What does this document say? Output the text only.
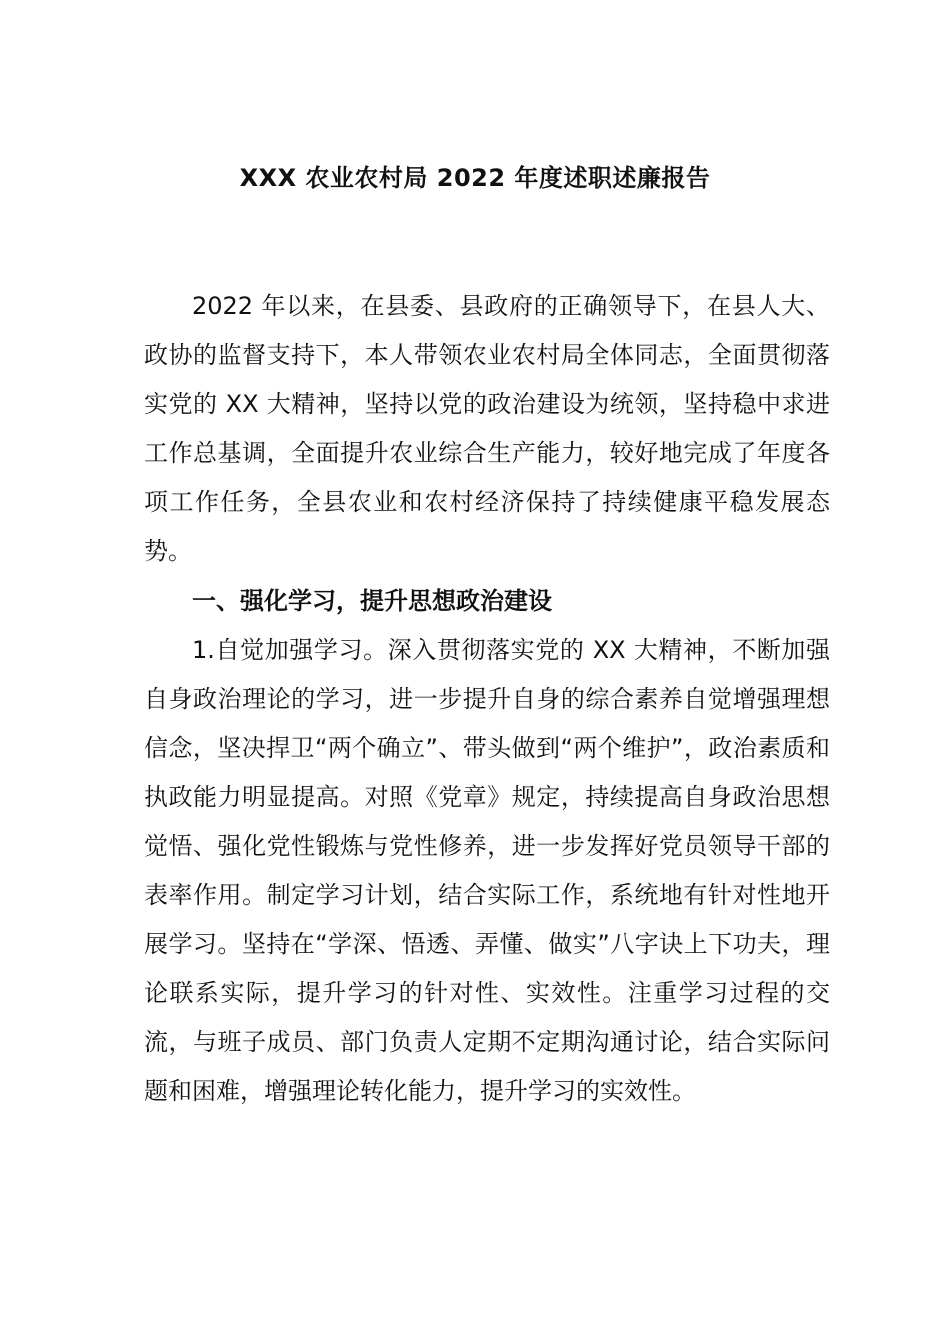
XXX 农业农村局 2022 年度述职述廉报告

2022 年以来，在县委、县政府的正确领导下，在县人大、政协的监督支持下，本人带领农业农村局全体同志，全面贯彻落实党的 XX 大精神，坚持以党的政治建设为统领，坚持稳中求进工作总基调，全面提升农业综合生产能力，较好地完成了年度各项工作任务，全县农业和农村经济保持了持续健康平稳发展态势。

一、强化学习，提升思想政治建设

1.自觉加强学习。深入贯彻落实党的 XX 大精神，不断加强自身政治理论的学习，进一步提升自身的综合素养自觉增强理想信念，坚决捍卫“两个确立”、带头做到“两个维护”，政治素质和执政能力明显提高。对照《党章》规定，持续提高自身政治思想觉悟、强化党性锻炼与党性修养，进一步发挥好党员领导干部的表率作用。制定学习计划，结合实际工作，系统地有针对性地开展学习。坚持在“学深、悟透、弄懂、做实”八字诀上下功夫，理论联系实际，提升学习的针对性、实效性。注重学习过程的交流，与班子成员、部门负责人定期不定期沟通讨论，结合实际问题和困难，增强理论转化能力，提升学习的实效性。
